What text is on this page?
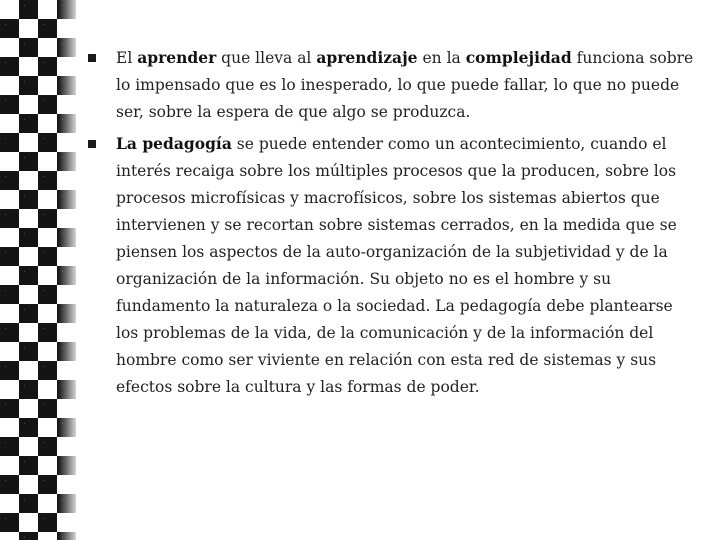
El aprender que lleva al aprendizaje en la complejidad funciona sobre lo impensado que es lo inesperado, lo que puede fallar, lo que no puede ser, sobre la espera de que algo se produzca.
La pedagogía se puede entender como un acontecimiento, cuando el interés recaiga sobre los múltiples procesos que la producen, sobre los procesos microfísicas y macrofísicos, sobre los sistemas abiertos que intervienen y se recortan sobre sistemas cerrados, en la medida que se piensen los aspectos de la auto-organización de la subjetividad y de la organización de la información. Su objeto no es el hombre y su fundamento la naturaleza o la sociedad. La pedagogía debe plantearse los problemas de la vida, de la comunicación y de la información del hombre como ser viviente en relación con esta red de sistemas y sus efectos sobre la cultura y las formas de poder.
